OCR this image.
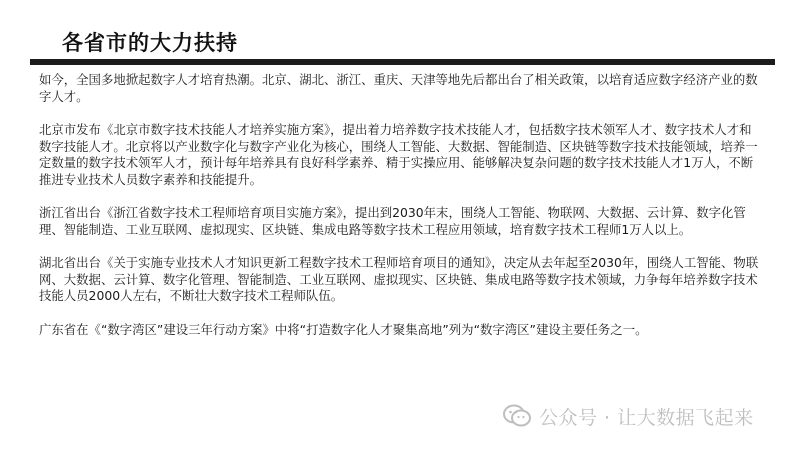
各省市的大力扶持

如今，全国多地掀起数字人才培育热潮。北京、湖北、浙江、重庆、天津等地先后都出台了相关政策，以培育适应数字经济产业的数字人才。

北京市发布《北京市数字技术技能人才培养实施方案》，提出着力培养数字技术技能人才，包括数字技术领军人才、数字技术人才和数字技能人才。北京将以产业数字化与数字产业化为核心，围绕人工智能、大数据、智能制造、区块链等数字技术技能领域，培养一定数量的数字技术领军人才，预计每年培养具有良好科学素养、精于实操应用、能够解决复杂问题的数字技术技能人才1万人，不断推进专业技术人员数字素养和技能提升。

浙江省出台《浙江省数字技术工程师培育项目实施方案》，提出到2030年末，围绕人工智能、物联网、大数据、云计算、数字化管理、智能制造、工业互联网、虚拟现实、区块链、集成电路等数字技术工程应用领域，培育数字技术工程师1万人以上。

湖北省出台《关于实施专业技术人才知识更新工程数字技术工程师培育项目的通知》，决定从去年起至2030年，围绕人工智能、物联网、大数据、云计算、数字化管理、智能制造、工业互联网、虚拟现实、区块链、集成电路等数字技术领域，力争每年培养数字技术技能人员2000人左右，不断壮大数字技术工程师队伍。

广东省在《“数字湾区”建设三年行动方案》中将“打造数字化人才聚集高地”列为“数字湾区”建设主要任务之一。

公众号 · 让大数据飞起来
